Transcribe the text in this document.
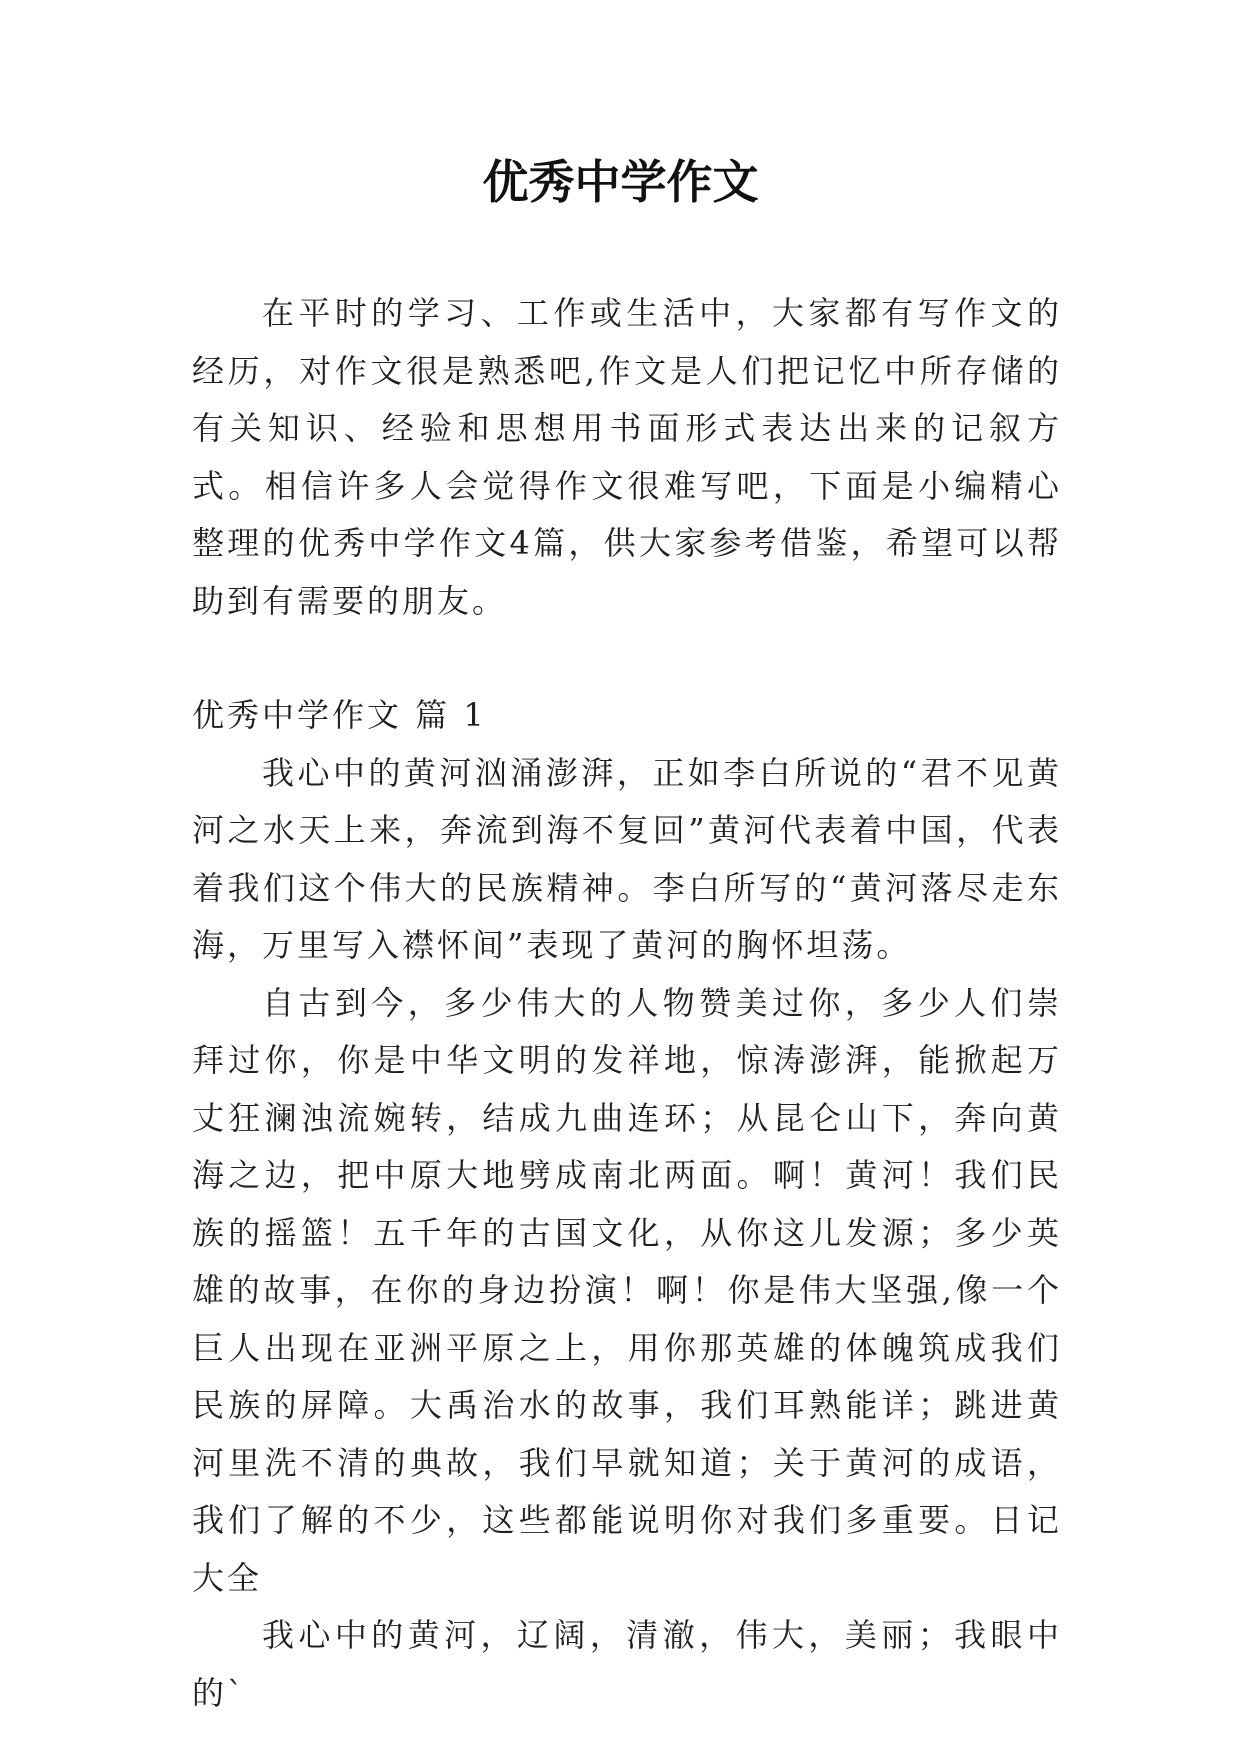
优秀中学作文

在平时的学习、工作或生活中，大家都有写作文的经历，对作文很是熟悉吧,作文是人们把记忆中所存储的有关知识、经验和思想用书面形式表达出来的记叙方式。相信许多人会觉得作文很难写吧，下面是小编精心整理的优秀中学作文4篇，供大家参考借鉴，希望可以帮助到有需要的朋友。

优秀中学作文 篇 1

我心中的黄河汹涌澎湃，正如李白所说的“君不见黄河之水天上来，奔流到海不复回”黄河代表着中国，代表着我们这个伟大的民族精神。李白所写的“黄河落尽走东海，万里写入襟怀间”表现了黄河的胸怀坦荡。

自古到今，多少伟大的人物赞美过你，多少人们崇拜过你，你是中华文明的发祥地，惊涛澎湃，能掀起万丈狂澜浊流婉转，结成九曲连环；从昆仑山下，奔向黄海之边，把中原大地劈成南北两面。啊！黄河！我们民族的摇篮！五千年的古国文化，从你这儿发源；多少英雄的故事，在你的身边扮演！啊！你是伟大坚强,像一个巨人出现在亚洲平原之上，用你那英雄的体魄筑成我们民族的屏障。大禹治水的故事，我们耳熟能详；跳进黄河里洗不清的典故，我们早就知道；关于黄河的成语，我们了解的不少，这些都能说明你对我们多重要。日记大全

我心中的黄河，辽阔，清澈，伟大，美丽；我眼中的`
